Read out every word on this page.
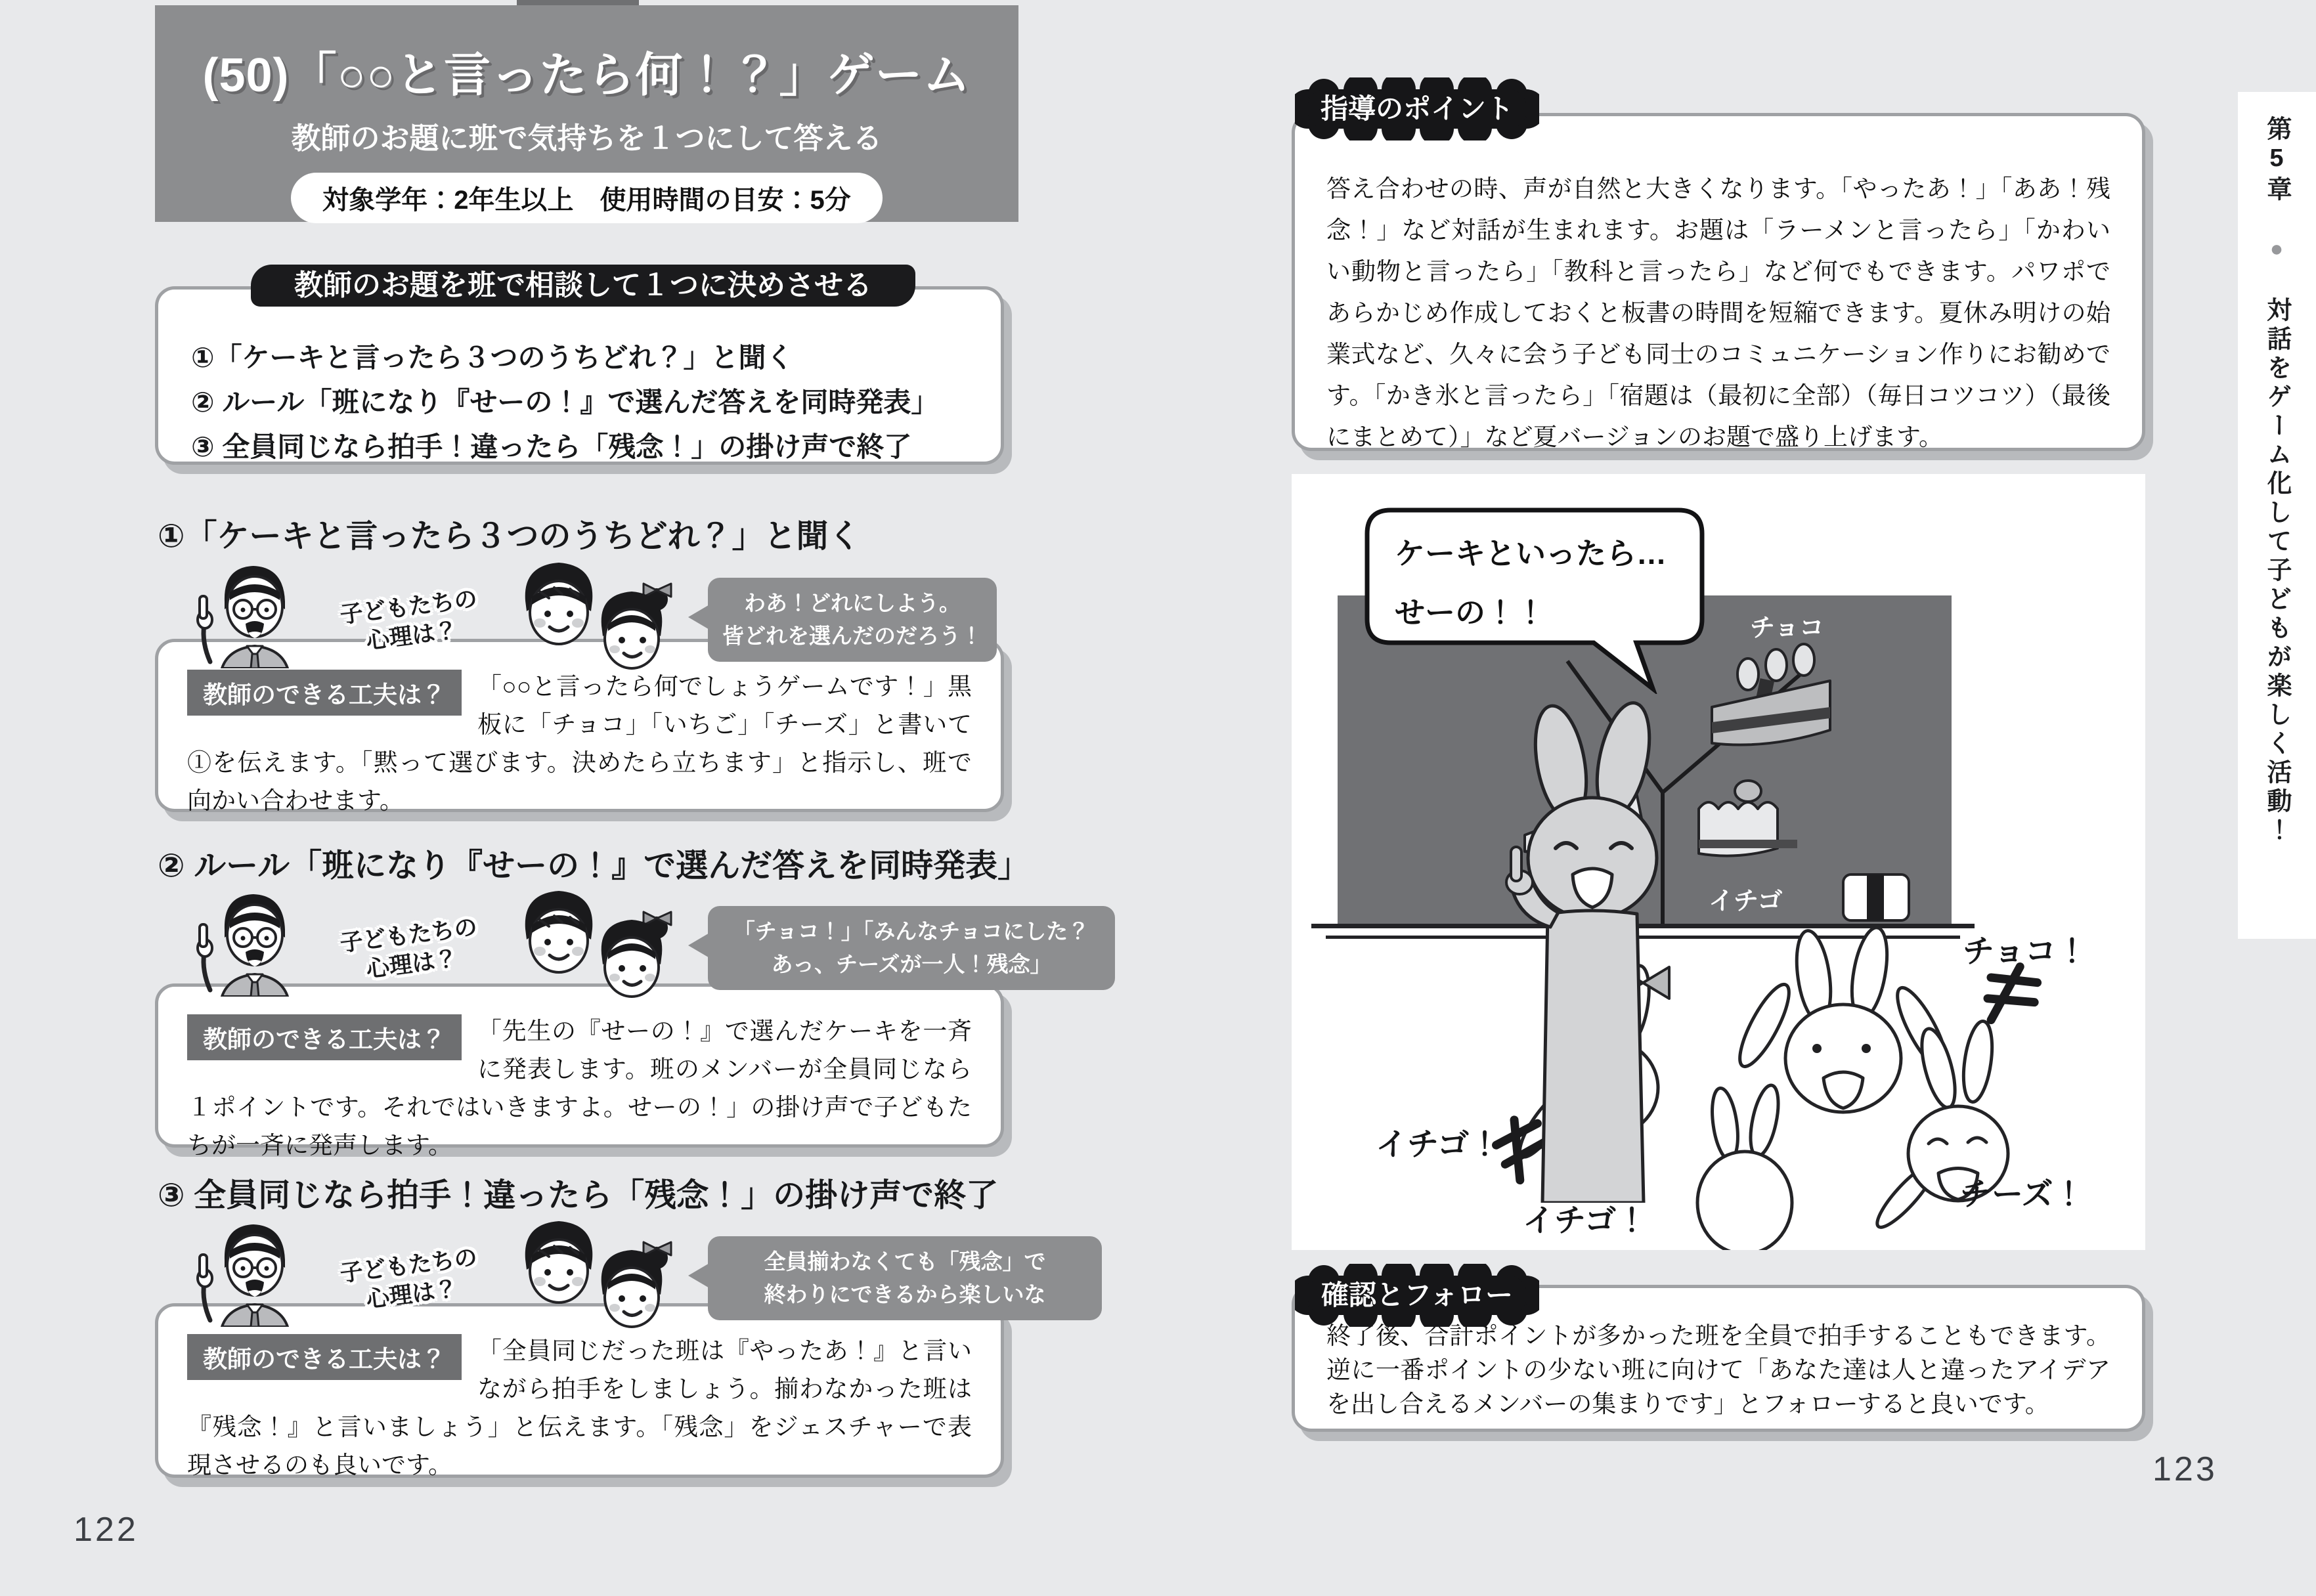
(50)「○○と言ったら何！？」ゲーム

教師のお題に班で気持ちを１つにして答える

対象学年：2年生以上　使用時間の目安：5分
教師のお題を班で相談して１つに決めさせる

①「ケーキと言ったら３つのうちどれ？」と聞く

② ルール「班になり『せーの！』で選んだ答えを同時発表」

③ 全員同じなら拍手！違ったら「残念！」の掛け声で終了

①「ケーキと言ったら３つのうちどれ？」と聞く
子どもたちの
心理は？
わあ！どれにしよう。
皆どれを選んだのだろう！
教師のできる工夫は？	「○○と言ったら何でしょうゲームです！」黒板に「チョコ」「いちご」「チーズ」と書いて①を伝えます。「黙って選びます。決めたら立ちます」と指示し、班で向かい合わせます。
② ルール「班になり『せーの！』で選んだ答えを同時発表」
子どもたちの
心理は？
「チョコ！」「みんなチョコにした？
あっ、チーズが一人！残念」
教師のできる工夫は？	「先生の『せーの！』で選んだケーキを一斉に発表します。班のメンバーが全員同じなら１ポイントです。それではいきますよ。せーの！」の掛け声で子どもたちが一斉に発声します。
③ 全員同じなら拍手！違ったら「残念！」の掛け声で終了
子どもたちの
心理は？
全員揃わなくても「残念」で
終わりにできるから楽しいな
教師のできる工夫は？	「全員同じだった班は『やったあ！』と言いながら拍手をしましょう。揃わなかった班は『残念！』と言いましょう」と伝えます。「残念」をジェスチャーで表現させるのも良いです。
122
指導のポイント

答え合わせの時、声が自然と大きくなります。「やったあ！」「ああ！残念！」など対話が生まれます。お題は「ラーメンと言ったら」「かわいい動物と言ったら」「教科と言ったら」など何でもできます。パワポであらかじめ作成しておくと板書の時間を短縮できます。夏休み明けの始業式など、久々に会う子ども同士のコミュニケーション作りにお勧めです。「かき氷と言ったら」「宿題は（最初に全部）（毎日コツコツ）（最後にまとめて）」など夏バージョンのお題で盛り上げます。

チョコ
イチゴ
ケーキといったら…
せーの！！
チョコ！
イチゴ！
イチゴ！
チーズ！
確認とフォロー

終了後、合計ポイントが多かった班を全員で拍手することもできます。逆に一番ポイントの少ない班に向けて「あなた達は人と違ったアイデアを出し合えるメンバーの集まりです」とフォローすると良いです。

第5章 ● 対話をゲーム化して子どもが楽しく活動！
123
